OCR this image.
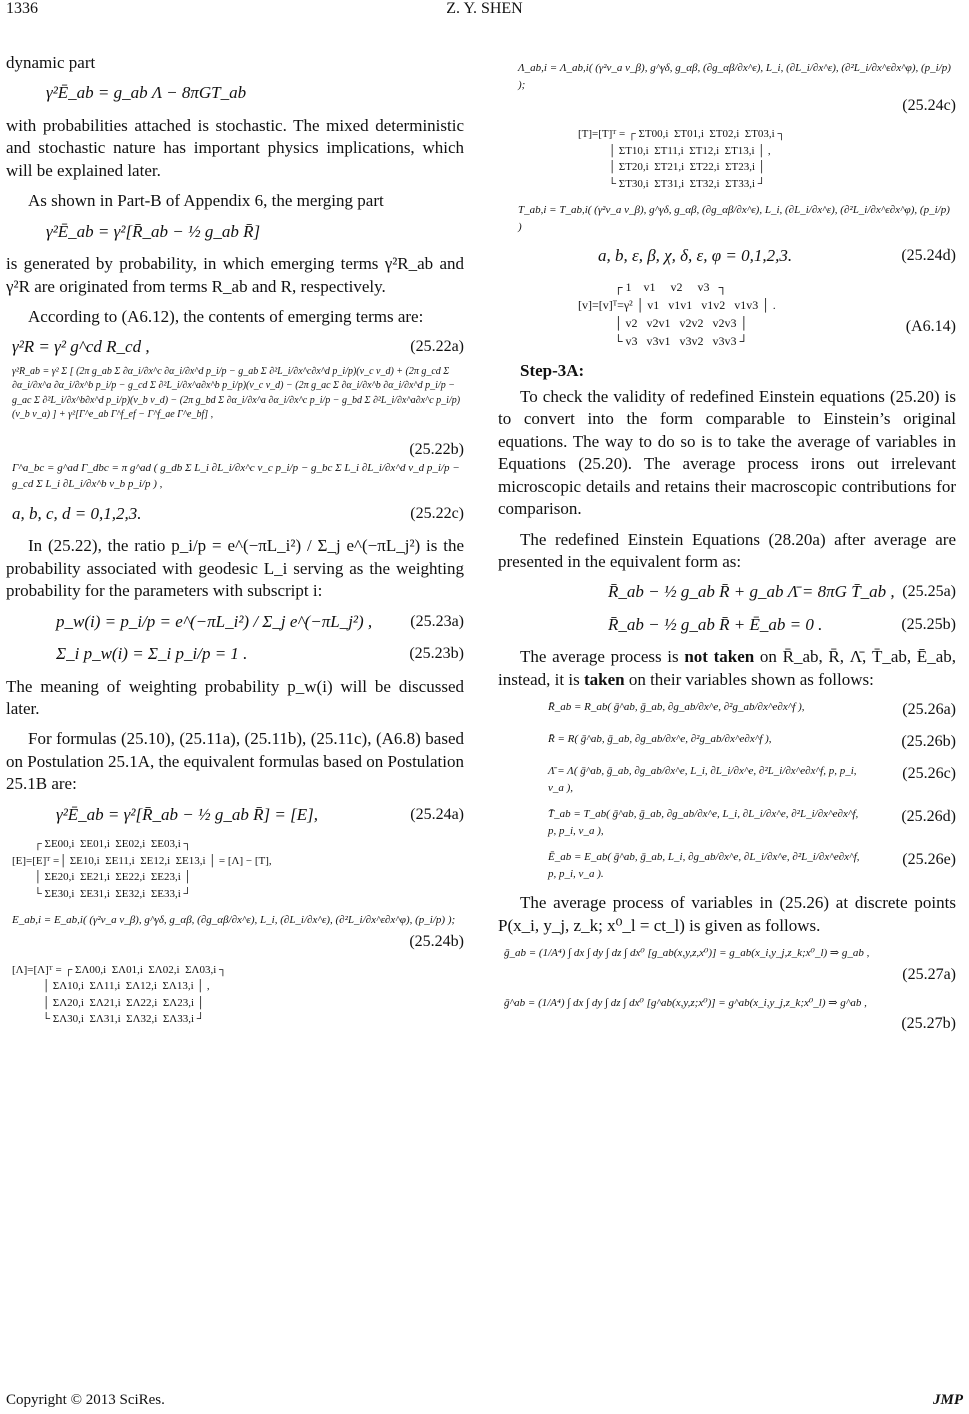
1336	Z. Y. SHEN

dynamic part

γ²Ē_ab = g_ab Λ − 8πGT_ab

with probabilities attached is stochastic. The mixed deterministic and stochastic nature has important physics implications, which will be explained later.

As shown in Part-B of Appendix 6, the merging part

γ²Ē_ab = γ²[R̄_ab − ½ g_ab R̄]

is generated by probability, in which emerging terms γ²R_ab and γ²R are originated from terms R_ab and R, respectively.

According to (A6.12), the contents of emerging terms are:

γ²R = γ² g^cd R_cd ,	(25.22a)
γ²R_ab = γ² Σ [ (2π g_ab Σ ∂α_i/∂x^c ∂α_i/∂x^d p_i/p − g_ab Σ ∂²L_i/∂x^c∂x^d p_i/p)(v_c v_d) + (2π g_cd Σ ∂α_i/∂x^a ∂α_i/∂x^b p_i/p − g_cd Σ ∂²L_i/∂x^a∂x^b p_i/p)(v_c v_d) − (2π g_ac Σ ∂α_i/∂x^b ∂α_i/∂x^d p_i/p − g_ac Σ ∂²L_i/∂x^b∂x^d p_i/p)(v_b v_d) − (2π g_bd Σ ∂α_i/∂x^a ∂α_i/∂x^c p_i/p − g_bd Σ ∂²L_i/∂x^a∂x^c p_i/p)(v_b v_a) ] + γ²[Γ^e_ab Γ^f_ef − Γ^f_ae Γ^e_bf] ,
(25.22b)
Γ^a_bc = g^ad Γ_dbc = π g^ad ( g_db Σ L_i ∂L_i/∂x^c v_c p_i/p − g_bc Σ L_i ∂L_i/∂x^d v_d p_i/p − g_cd Σ L_i ∂L_i/∂x^b v_b p_i/p ) ,
a, b, c, d = 0,1,2,3.	(25.22c)

In (25.22), the ratio p_i/p = e^(−πL_i²) / Σ_j e^(−πL_j²) is the probability associated with geodesic L_i serving as the weighting probability for the parameters with subscript i:

p_w(i) = p_i/p = e^(−πL_i²) / Σ_j e^(−πL_j²) ,	(25.23a)
Σ_i p_w(i) = Σ_i p_i/p = 1 .	(25.23b)

The meaning of weighting probability p_w(i) will be discussed later.

For formulas (25.10), (25.11a), (25.11b), (25.11c), (A6.8) based on Postulation 25.1A, the equivalent formulas based on Postulation 25.1B are:

γ²Ē_ab = γ²[R̄_ab − ½ g_ab R̄] = [E],	(25.24a)
┌ ΣE00,i  ΣE01,i  ΣE02,i  ΣE03,i ┐
[E]=[E]ᵀ =│ ΣE10,i  ΣE11,i  ΣE12,i  ΣE13,i │ = [Λ] − [T],
│ ΣE20,i  ΣE21,i  ΣE22,i  ΣE23,i │
└ ΣE30,i  ΣE31,i  ΣE32,i  ΣE33,i ┘
E_ab,i = E_ab,i( (γ²v_a v_β), g^γδ, g_αβ, (∂g_αβ/∂x^ε), L_i, (∂L_i/∂x^ε), (∂²L_i/∂x^ε∂x^φ), (p_i/p) );
(25.24b)
[Λ]=[Λ]ᵀ = ┌ ΣΛ00,i  ΣΛ01,i  ΣΛ02,i  ΣΛ03,i ┐
│ ΣΛ10,i  ΣΛ11,i  ΣΛ12,i  ΣΛ13,i │ ,
│ ΣΛ20,i  ΣΛ21,i  ΣΛ22,i  ΣΛ23,i │
└ ΣΛ30,i  ΣΛ31,i  ΣΛ32,i  ΣΛ33,i ┘
Λ_ab,i = Λ_ab,i( (γ²v_a v_β), g^γδ, g_αβ, (∂g_αβ/∂x^ε), L_i, (∂L_i/∂x^ε), (∂²L_i/∂x^ε∂x^φ), (p_i/p) );
(25.24c)
[T]=[T]ᵀ = ┌ ΣT00,i  ΣT01,i  ΣT02,i  ΣT03,i ┐
│ ΣT10,i  ΣT11,i  ΣT12,i  ΣT13,i │ ,
│ ΣT20,i  ΣT21,i  ΣT22,i  ΣT23,i │
└ ΣT30,i  ΣT31,i  ΣT32,i  ΣT33,i ┘
T_ab,i = T_ab,i( (γ²v_a v_β), g^γδ, g_αβ, (∂g_αβ/∂x^ε), L_i, (∂L_i/∂x^ε), (∂²L_i/∂x^ε∂x^φ), (p_i/p) )
a, b, ε, β, χ, δ, ε, φ = 0,1,2,3.	(25.24d)
┌ 1    v1     v2     v3   ┐
[v]=[v]ᵀ=γ² │ v1   v1v1   v1v2   v1v3 │ .
│ v2   v2v1   v2v2   v2v3 │
└ v3   v3v1   v3v2   v3v3 ┘
(A6.14)
Step-3A:

To check the validity of redefined Einstein equations (25.20) is to convert into the form comparable to Einstein’s original equations. The way to do so is to take the average of variables in Equations (25.20). The average process irons out irrelevant microscopic details and retains their macroscopic contributions for comparison.

The redefined Einstein Equations (28.20a) after average are presented in the equivalent form as:

R̄_ab − ½ g_ab R̄ + g_ab Λ̄ = 8πG T̄_ab , (25.25a)
R̄_ab − ½ g_ab R̄ + Ē_ab = 0 .	(25.25b)

The average process is not taken on R̄_ab, R̄, Λ̄, T̄_ab, Ē_ab, instead, it is taken on their variables shown as follows:

R̄_ab = R_ab( ḡ^ab, ḡ_ab, ∂g_ab/∂x^e, ∂²g_ab/∂x^e∂x^f ),	(25.26a)
R̄ = R( ḡ^ab, ḡ_ab, ∂g_ab/∂x^e, ∂²g_ab/∂x^e∂x^f ),	(25.26b)
Λ̄ = Λ( ḡ^ab, ḡ_ab, ∂g_ab/∂x^e, L_i, ∂L_i/∂x^e, ∂²L_i/∂x^e∂x^f, p, p_i, v_a ),
(25.26c)
T̄_ab = T_ab( ḡ^ab, ḡ_ab, ∂g_ab/∂x^e, L_i, ∂L_i/∂x^e, ∂²L_i/∂x^e∂x^f, p, p_i, v_a ),
(25.26d)
Ē_ab = E_ab( ḡ^ab, ḡ_ab, L_i, ∂g_ab/∂x^e, ∂L_i/∂x^e, ∂²L_i/∂x^e∂x^f, p, p_i, v_a ).
(25.26e)

The average process of variables in (25.26) at discrete points P(x_i, y_j, z_k; x⁰_l = ct_l) is given as follows.

ḡ_ab = (1/A⁴) ∫ dx ∫ dy ∫ dz ∫ dx⁰ [g_ab(x,y,z,x⁰)] = g_ab(x_i,y_j,z_k;x⁰_l) ⇒ g_ab ,
(25.27a)
ḡ^ab = (1/A⁴) ∫ dx ∫ dy ∫ dz ∫ dx⁰ [g^ab(x,y,z;x⁰)] = g^ab(x_i,y_j,z_k;x⁰_l) ⇒ g^ab ,
(25.27b)
Copyright © 2013 SciRes.	JMP
